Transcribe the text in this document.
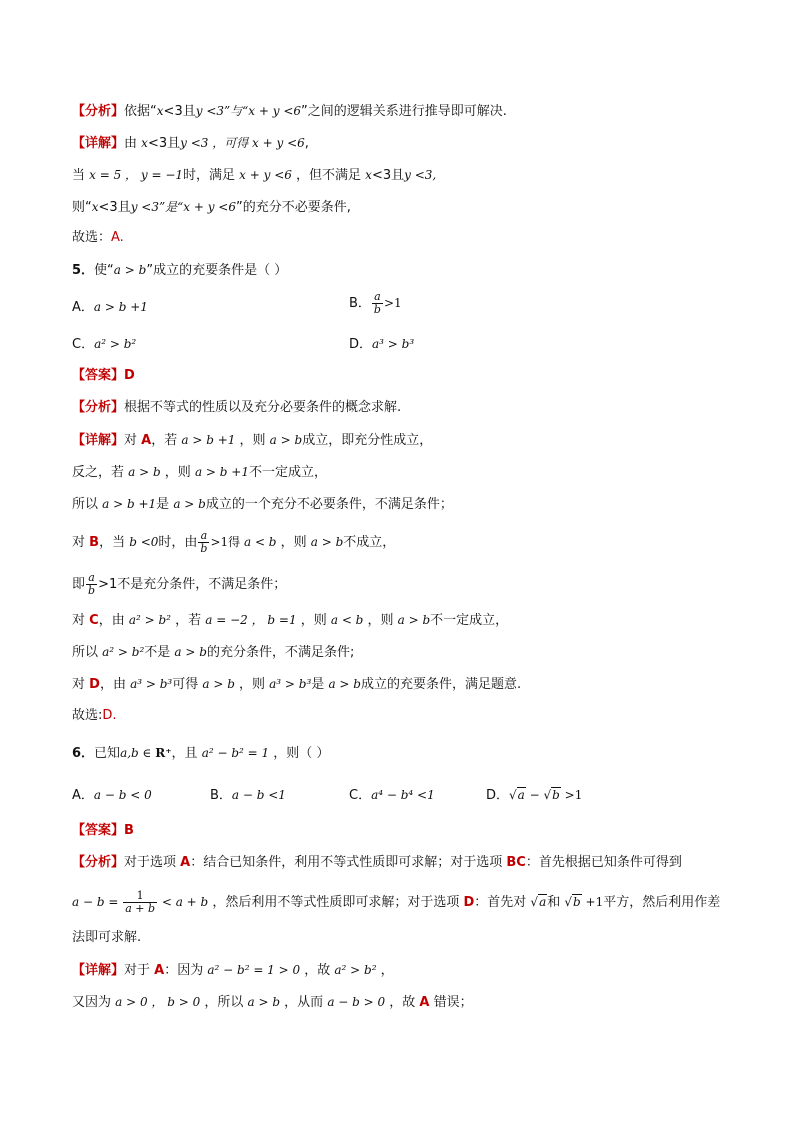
【分析】依据“x<3且y <3”与“x + y <6”之间的逻辑关系进行推导即可解决.
【详解】由 x<3且y <3 ，可得 x + y <6,
当 x = 5 ， y = −1时，满足 x + y <6 ，但不满足 x<3且y <3,
则“x<3且y <3”是“x + y <6”的充分不必要条件,
故选：A.
5．使“a > b”成立的充要条件是（ ）
A．a > b +1	B． $\frac{a}{b} >1$
C．a² > b²	D．a³ > b³
【答案】D
【分析】根据不等式的性质以及充分必要条件的概念求解.
【详解】对 A，若 a > b +1 ，则 a > b成立，即充分性成立，
反之，若 a > b ，则 a > b +1不一定成立，
所以 a > b +1是 a > b成立的一个充分不必要条件，不满足条件；
对 B，当 b <0时，由 $\frac{a}{b} >1$得 a < b ，则 a > b不成立，
即 $\frac{a}{b} >1$不是充分条件，不满足条件；
对 C，由 a² > b² ，若 a = −2 ， b =1 ，则 a < b ，则 a > b不一定成立，
所以 a² > b²不是 a > b的充分条件，不满足条件;
对 D，由 a³ > b³可得 a > b ，则 a³ > b³是 a > b成立的充要条件，满足题意.
故选:D.
6．已知a,b ∈ R⁺，且 a² − b² = 1 ，则（ ）
A．a − b < 0	B．a − b <1	C．a⁴ − b⁴ <1	D．√a − √b >1
【答案】B
【分析】对于选项 A：结合已知条件，利用不等式性质即可求解；对于选项 BC：首先根据已知条件可得到
$a - b = \frac{1}{a + b} < a + b$ ，然后利用不等式性质即可求解；对于选项 D：首先对 √a和 √b +1平方，然后利用作差
法即可求解.
【详解】对于 A：因为 a² − b² = 1 > 0 ，故 a² > b² ，
又因为 a > 0 ， b > 0 ，所以 a > b ，从而 a − b > 0 ，故 A 错误；
